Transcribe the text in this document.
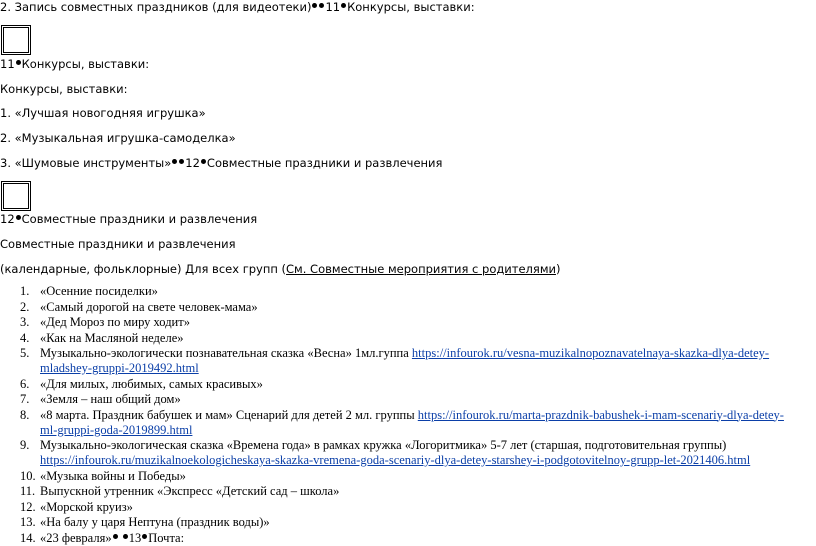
2. Запись совместных праздников (для видеотеки) 11 Конкурсы, выставки:
11 Конкурсы, выставки:
Конкурсы, выставки:
1. «Лучшая новогодняя игрушка»
2. «Музыкальная игрушка-самоделка»
3. «Шумовые инструменты» 12 Совместные праздники и развлечения
12 Совместные праздники и развлечения
Совместные праздники и развлечения
(календарные, фольклорные) Для всех групп (См. Совместные мероприятия с родителями)
1. «Осенние посиделки»
2. «Самый дорогой на свете человек-мама»
3. «Дед Мороз по миру ходит»
4. «Как на Масляной неделе»
5. Музыкально-экологически познавательная сказка «Весна» 1мл.гуппа https://infourok.ru/vesna-muzikalnopoznavatelnaya-skazka-dlya-detey-mladshey-gruppi-2019492.html
6. «Для милых, любимых, самых красивых»
7. «Земля – наш общий дом»
8. «8 марта. Праздник бабушек и мам» Сценарий для детей 2 мл. группы https://infourok.ru/marta-prazdnik-babushek-i-mam-scenariy-dlya-detey-ml-gruppi-goda-2019899.html
9. Музыкально-экологическая сказка «Времена года» в рамках кружка «Логоритмика» 5-7 лет (старшая, подготовительная группы) https://infourok.ru/muzikalnoekologicheskaya-skazka-vremena-goda-scenariy-dlya-detey-starshey-i-podgotovitelnoy-grupp-let-2021406.html
10. «Музыка войны и Победы»
11. Выпускной утренник «Экспресс «Детский сад – школа»
12. «Морской круиз»
13. «На балу у царя Нептуна (праздник воды)»
14. «23 февраля» 13 Почта:
